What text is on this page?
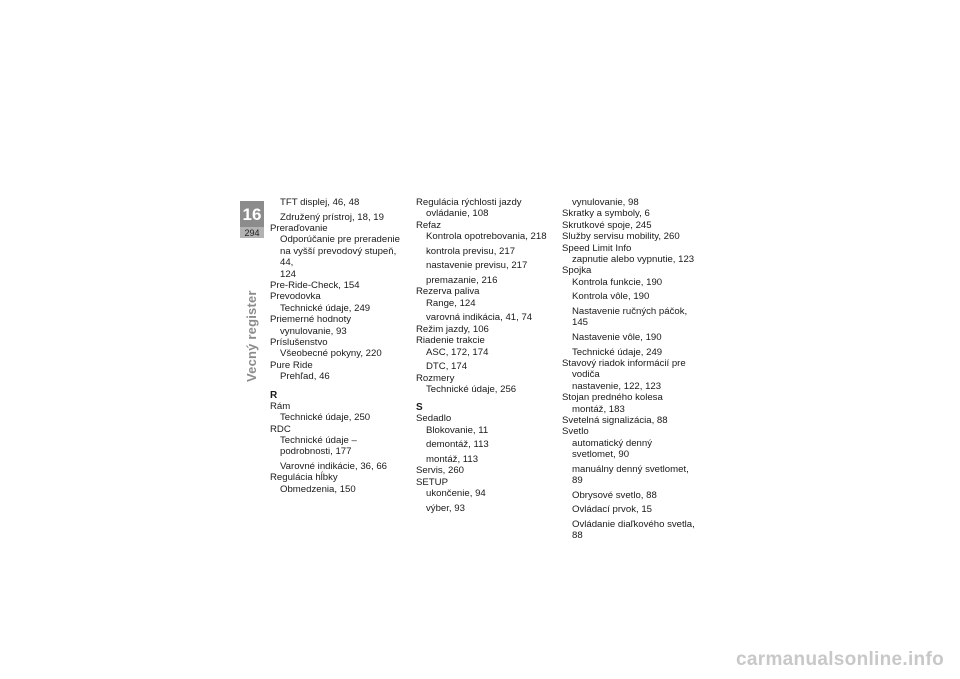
16
294
Vecný register
TFT displej, 46, 48
Združený prístroj, 18, 19
Preraďovanie
Odporúčanie pre preradenie
na vyšší prevodový stupeň, 44,
124
Pre-Ride-Check, 154
Prevodovka
Technické údaje, 249
Priemerné hodnoty
vynulovanie, 93
Príslušenstvo
Všeobecné pokyny, 220
Pure Ride
Prehľad, 46
R
Rám
Technické údaje, 250
RDC
Technické údaje –
podrobnosti, 177
Varovné indikácie, 36, 66
Regulácia hĺbky
Obmedzenia, 150
Regulácia rýchlosti jazdy
ovládanie, 108
Refaz
Kontrola opotrebovania, 218
kontrola previsu, 217
nastavenie previsu, 217
premazanie, 216
Rezerva paliva
Range, 124
varovná indikácia, 41, 74
Režim jazdy, 106
Riadenie trakcie
ASC, 172, 174
DTC, 174
Rozmery
Technické údaje, 256
S
Sedadlo
Blokovanie, 11
demontáž, 113
montáž, 113
Servis, 260
SETUP
ukončenie, 94
výber, 93
vynulovanie, 98
Skratky a symboly, 6
Skrutkové spoje, 245
Služby servisu mobility, 260
Speed Limit Info
zapnutie alebo vypnutie, 123
Spojka
Kontrola funkcie, 190
Kontrola vôle, 190
Nastavenie ručných páčok, 145
Nastavenie vôle, 190
Technické údaje, 249
Stavový riadok informácií pre
vodiča
nastavenie, 122, 123
Stojan predného kolesa
montáž, 183
Svetelná signalizácia, 88
Svetlo
automatický denný
svetlomet, 90
manuálny denný svetlomet, 89
Obrysové svetlo, 88
Ovládací prvok, 15
Ovládanie diaľkového svetla, 88
carmanualsonline.info
